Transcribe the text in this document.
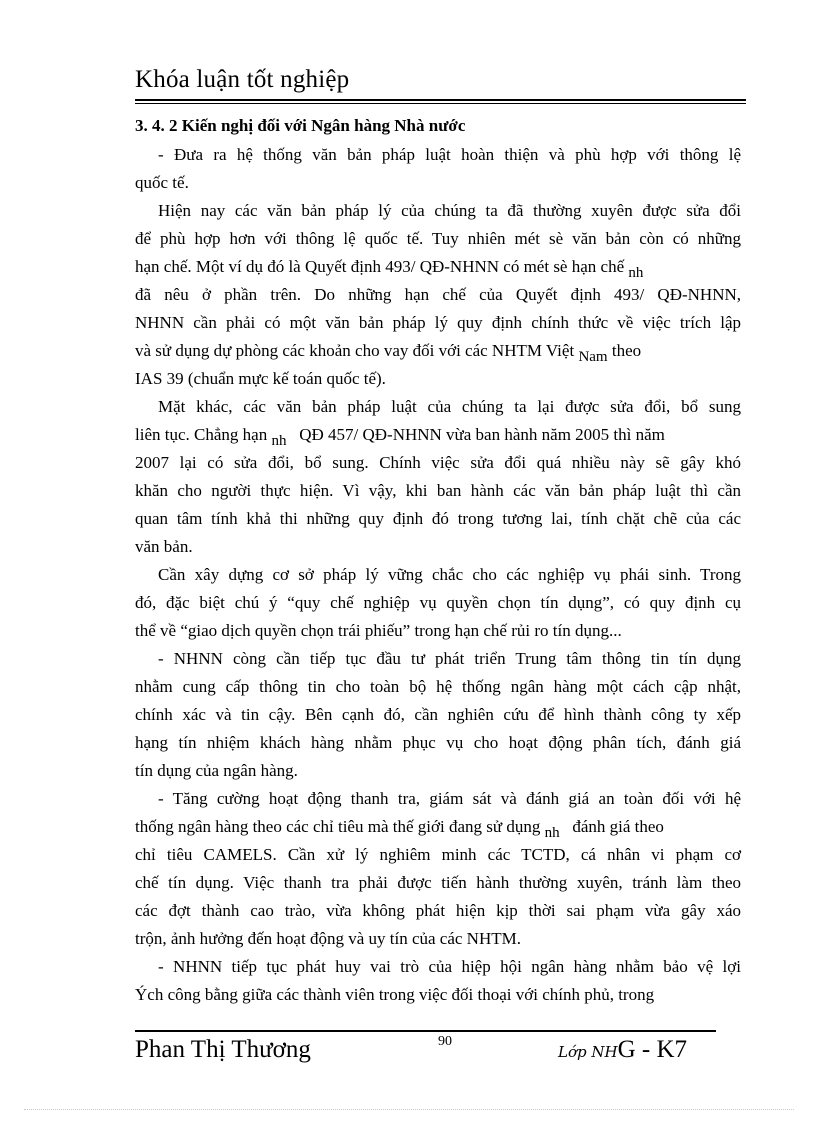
Khóa luận tốt nghiệp

3. 4. 2 Kiến nghị đối với Ngân hàng Nhà nước

- Đưa ra hệ thống văn bản pháp luật hoàn thiện và phù hợp với thông lệ
quốc tế.
Hiện nay các văn bản pháp lý của chúng ta đã thường xuyên được sửa đổi
để phù hợp hơn với thông lệ quốc tế. Tuy nhiên mét sè văn bản còn có những
hạn chế. Một ví dụ đó là Quyết định 493/ QĐ-NHNN có mét sè hạn chế nh
đã nêu ở phần trên. Do những hạn chế của Quyết định 493/ QĐ-NHNN,
NHNN cần phải có một văn bản pháp lý quy định chính thức về việc trích lập
và sử dụng dự phòng các khoản cho vay đối với các NHTM Việt Nam theo
IAS 39 (chuẩn mực kế toán quốc tế).
Mặt khác, các văn bản pháp luật của chúng ta lại được sửa đổi, bổ sung
liên tục. Chẳng hạn nh QĐ 457/ QĐ-NHNN vừa ban hành năm 2005 thì năm
2007 lại có sửa đổi, bổ sung. Chính việc sửa đổi quá nhiều này sẽ gây khó
khăn cho người thực hiện. Vì vậy, khi ban hành các văn bản pháp luật thì cần
quan tâm tính khả thi những quy định đó trong tương lai, tính chặt chẽ của các
văn bản.
Cần xây dựng cơ sở pháp lý vững chắc cho các nghiệp vụ phái sinh. Trong
đó, đặc biệt chú ý “quy chế nghiệp vụ quyền chọn tín dụng”, có quy định cụ
thể về “giao dịch quyền chọn trái phiếu” trong hạn chế rủi ro tín dụng...
- NHNN còng cần tiếp tục đầu tư phát triển Trung tâm thông tin tín dụng
nhằm cung cấp thông tin cho toàn bộ hệ thống ngân hàng một cách cập nhật,
chính xác và tin cậy. Bên cạnh đó, cần nghiên cứu để hình thành công ty xếp
hạng tín nhiệm khách hàng nhằm phục vụ cho hoạt động phân tích, đánh giá
tín dụng của ngân hàng.
- Tăng cường hoạt động thanh tra, giám sát và đánh giá an toàn đối với hệ
thống ngân hàng theo các chỉ tiêu mà thế giới đang sử dụng nh đánh giá theo
chỉ tiêu CAMELS. Cần xử lý nghiêm minh các TCTD, cá nhân vi phạm cơ
chế tín dụng. Việc thanh tra phải được tiến hành thường xuyên, tránh làm theo
các đợt thành cao trào, vừa không phát hiện kịp thời sai phạm vừa gây xáo
trộn, ảnh hưởng đến hoạt động và uy tín của các NHTM.
- NHNN tiếp tục phát huy vai trò của hiệp hội ngân hàng nhằm bảo vệ lợi
Ých công bằng giữa các thành viên trong việc đối thoại với chính phủ, trong
Phan Thị Thương	90
Lớp NHG - K7
